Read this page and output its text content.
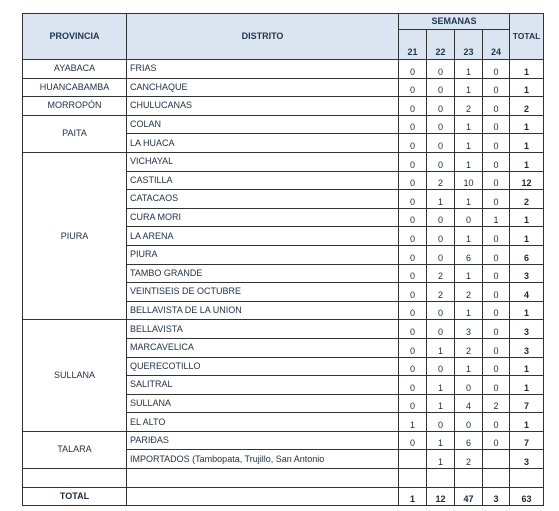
PROVINCIA	DISTRITO	SEMANAS				TOTAL
		21	22	23	24	
AYABACA	FRIAS	0	0	1	0	1
HUANCABAMBA	CANCHAQUE	0	0	1	0	1
MORROPÓN	CHULUCANAS	0	0	2	0	2
PAITA	COLAN	0	0	1	0	1
	LA HUACA	0	0	1	0	1
PIURA	VICHAYAL	0	0	1	0	1
	CASTILLA	0	2	10	0	12
	CATACAOS	0	1	1	0	2
	CURA MORI	0	0	0	1	1
	LA ARENA	0	0	1	0	1
	PIURA	0	0	6	0	6
	TAMBO GRANDE	0	2	1	0	3
	VEINTISEIS DE OCTUBRE	0	2	2	0	4
	BELLAVISTA DE LA UNION	0	0	1	0	1
SULLANA	BELLAVISTA	0	0	3	0	3
	MARCAVELICA	0	1	2	0	3
	QUERECOTILLO	0	0	1	0	1
	SALITRAL	0	1	0	0	1
	SULLANA	0	1	4	2	7
	EL ALTO	1	0	0	0	1
TALARA	PARIÐAS	0	1	6	0	7
	IMPORTADOS (Tambopata, Trujillo, San Antonio		1	2		3

TOTAL		1	12	47	3	63
